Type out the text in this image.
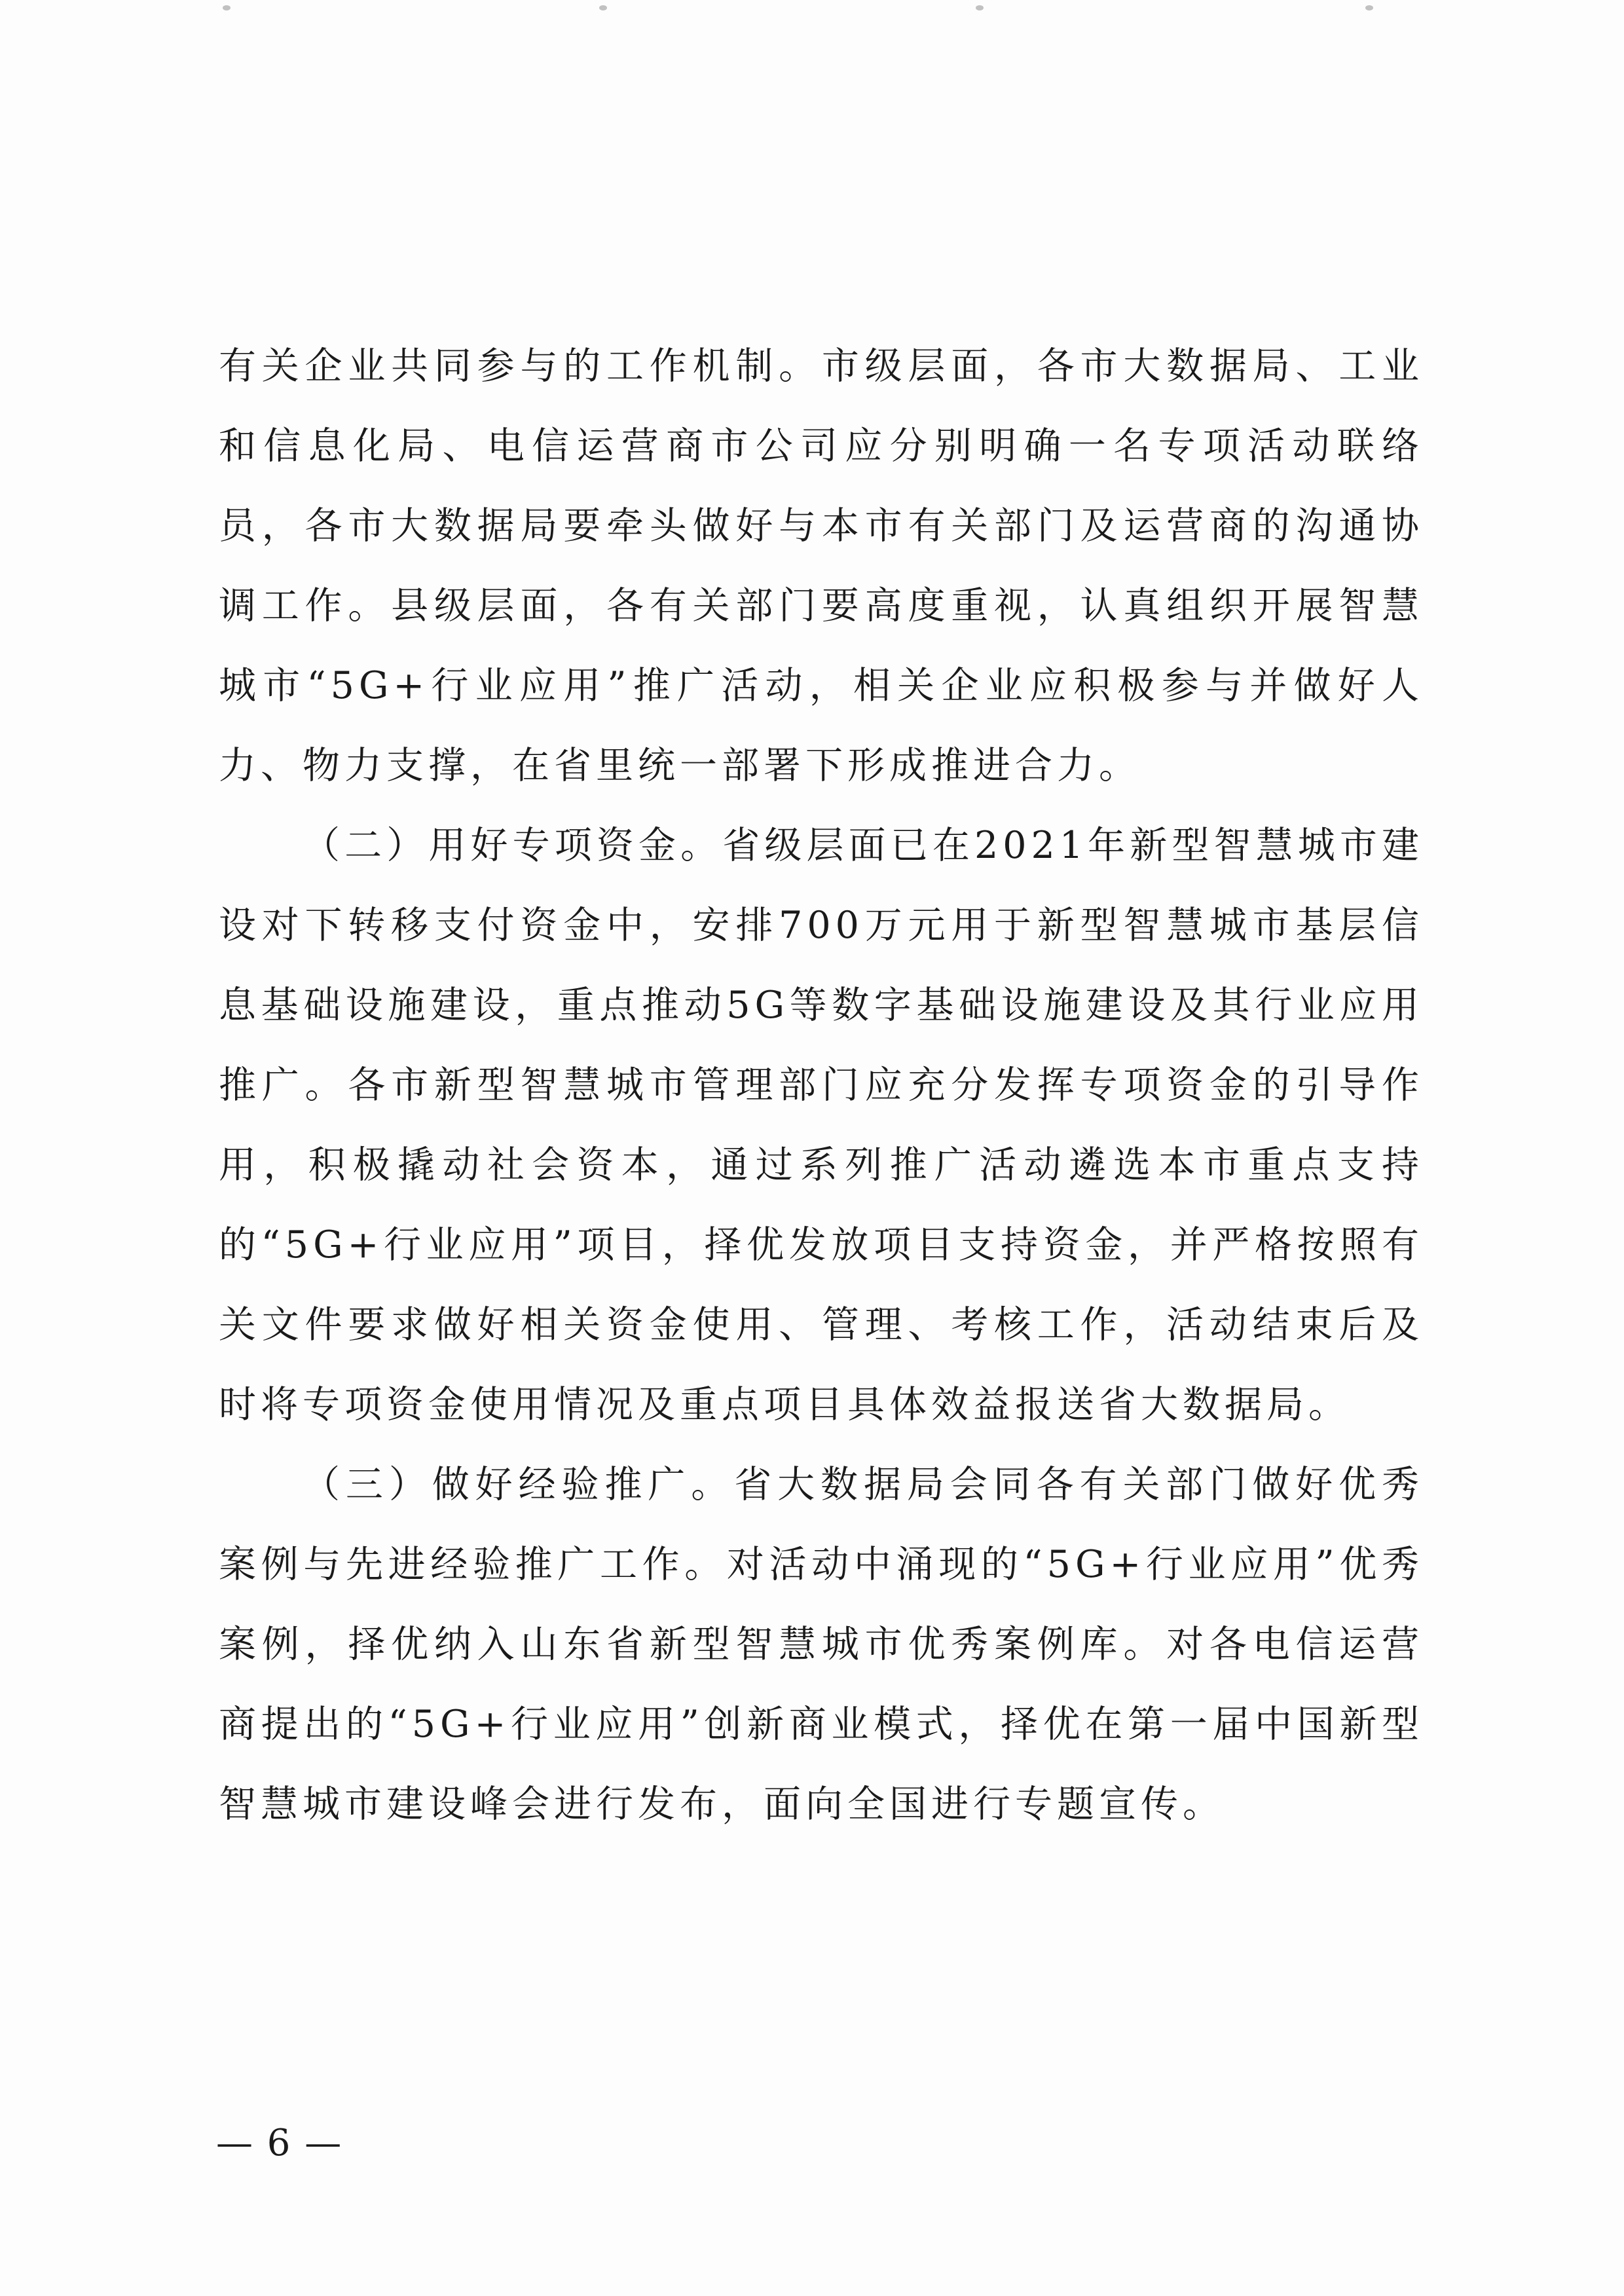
有关企业共同参与的工作机制。市级层面，各市大数据局、工业和信息化局、电信运营商市公司应分别明确一名专项活动联络员，各市大数据局要牵头做好与本市有关部门及运营商的沟通协调工作。县级层面，各有关部门要高度重视，认真组织开展智慧城市“5G+行业应用”推广活动，相关企业应积极参与并做好人力、物力支撑，在省里统一部署下形成推进合力。

（二）用好专项资金。省级层面已在2021年新型智慧城市建设对下转移支付资金中，安排700万元用于新型智慧城市基层信息基础设施建设，重点推动5G等数字基础设施建设及其行业应用推广。各市新型智慧城市管理部门应充分发挥专项资金的引导作用，积极撬动社会资本，通过系列推广活动遴选本市重点支持的“5G+行业应用”项目，择优发放项目支持资金，并严格按照有关文件要求做好相关资金使用、管理、考核工作，活动结束后及时将专项资金使用情况及重点项目具体效益报送省大数据局。

（三）做好经验推广。省大数据局会同各有关部门做好优秀案例与先进经验推广工作。对活动中涌现的“5G+行业应用”优秀案例，择优纳入山东省新型智慧城市优秀案例库。对各电信运营商提出的“5G+行业应用”创新商业模式，择优在第一届中国新型智慧城市建设峰会进行发布，面向全国进行专题宣传。

— 6 —
